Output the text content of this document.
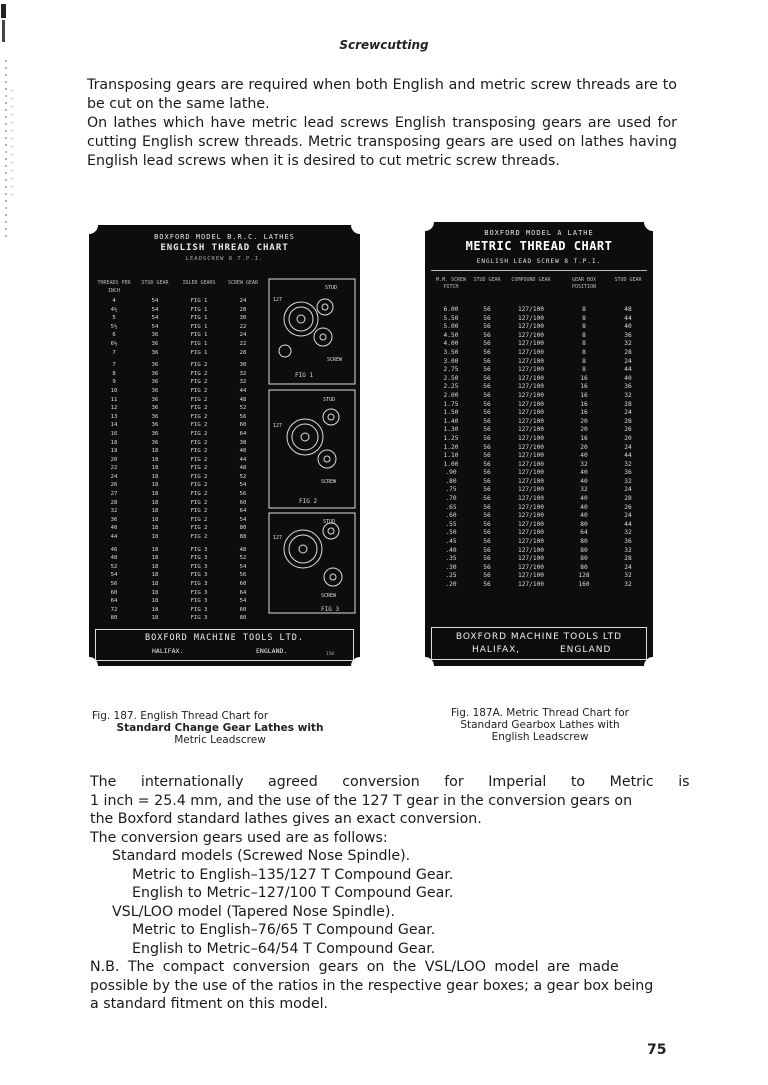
Screwcutting

Transposing gears are required when both English and metric screw threads are to be cut on the same lathe.

On lathes which have metric lead screws English transposing gears are used for cutting English screw threads. Metric transposing gears are used on lathes having English lead screws when it is desired to cut metric screw threads.

BOXFORD MODEL B.R.C. LATHES
ENGLISH THREAD CHART
LEADSCREW 8 T.P.I.
THREADS PER INCH
STUD GEAR	IDLER GEARS	SCREW GEAR
4	54	FIG 1	24
4½	54	FIG 1	28
5	54	FIG 1	30
5½	54	FIG 1	22
6	36	FIG 1	24
6½	36	FIG 1	22
7	36	FIG 1	28
7	36	FIG 2	30
8	36	FIG 2	32
9	36	FIG 2	32
10	36	FIG 2	44
11	36	FIG 2	48
12	36	FIG 2	52
13	36	FIG 2	56
14	36	FIG 2	60
16	36	FIG 2	64
18	36	FIG 2	38
19	18	FIG 2	40
20	18	FIG 2	44
22	18	FIG 2	48
24	18	FIG 2	52
26	18	FIG 2	54
27	18	FIG 2	56
28	18	FIG 2	60
32	18	FIG 2	64
36	18	FIG 2	54
40	18	FIG 2	80
44	18	FIG 2	88
46	18	FIG 3	48
48	18	FIG 3	52
52	18	FIG 3	54
54	18	FIG 3	56
56	18	FIG 3	60
60	18	FIG 3	64
64	18	FIG 3	54
72	18	FIG 3	60
80	18	FIG 3	80
STUD
127
SCREW
FIG 1
127
STUD
SCREW
FIG 2
127
STUD
SCREW
FIG 3
BOXFORD MACHINE TOOLS LTD.
HALIFAX.	ENGLAND.	150
Fig. 187. English Thread Chart for
Standard Change Gear Lathes with
Metric Leadscrew
BOXFORD MODEL A LATHE
METRIC THREAD CHART
ENGLISH LEAD SCREW 8 T.P.I.
M.M. SCREW PITCH
STUD GEAR	COMPOUND GEAR	GEAR BOX POSITION
STUD GEAR
6.00	56	127/100	8	48
5.50	56	127/100	8	44
5.00	56	127/100	8	40
4.50	56	127/100	8	36
4.00	56	127/100	8	32
3.50	56	127/100	8	28
3.00	56	127/100	8	24
2.75	56	127/100	8	44
2.50	56	127/100	16	40
2.25	56	127/100	16	36
2.00	56	127/100	16	32
1.75	56	127/100	16	28
1.50	56	127/100	16	24
1.40	56	127/100	20	28
1.30	56	127/100	20	26
1.25	56	127/100	16	20
1.20	56	127/100	20	24
1.10	56	127/100	40	44
1.00	56	127/100	32	32
.90	56	127/100	40	36
.80	56	127/100	40	32
.75	56	127/100	32	24
.70	56	127/100	40	28
.65	56	127/100	40	26
.60	56	127/100	40	24
.55	56	127/100	80	44
.50	56	127/100	64	32
.45	56	127/100	80	36
.40	56	127/100	80	32
.35	56	127/100	80	28
.30	56	127/100	80	24
.25	56	127/100	128	32
.20	56	127/100	160	32
BOXFORD MACHINE TOOLS LTD
HALIFAX,	ENGLAND
Fig. 187A. Metric Thread Chart for
Standard Gearbox Lathes with
English Leadscrew
The internationally agreed conversion for Imperial to Metric is
1 inch = 25.4 mm, and the use of the 127 T gear in the conversion gears on
the Boxford standard lathes gives an exact conversion.
The conversion gears used are as follows:
Standard models (Screwed Nose Spindle).
Metric to English–135/127 T Compound Gear.
English to Metric–127/100 T Compound Gear.
VSL/LOO model (Tapered Nose Spindle).
Metric to English–76/65 T Compound Gear.
English to Metric–64/54 T Compound Gear.
N.B. The compact conversion gears on the VSL/LOO model are made
possible by the use of the ratios in the respective gear boxes; a gear box being
a standard fitment on this model.
75
